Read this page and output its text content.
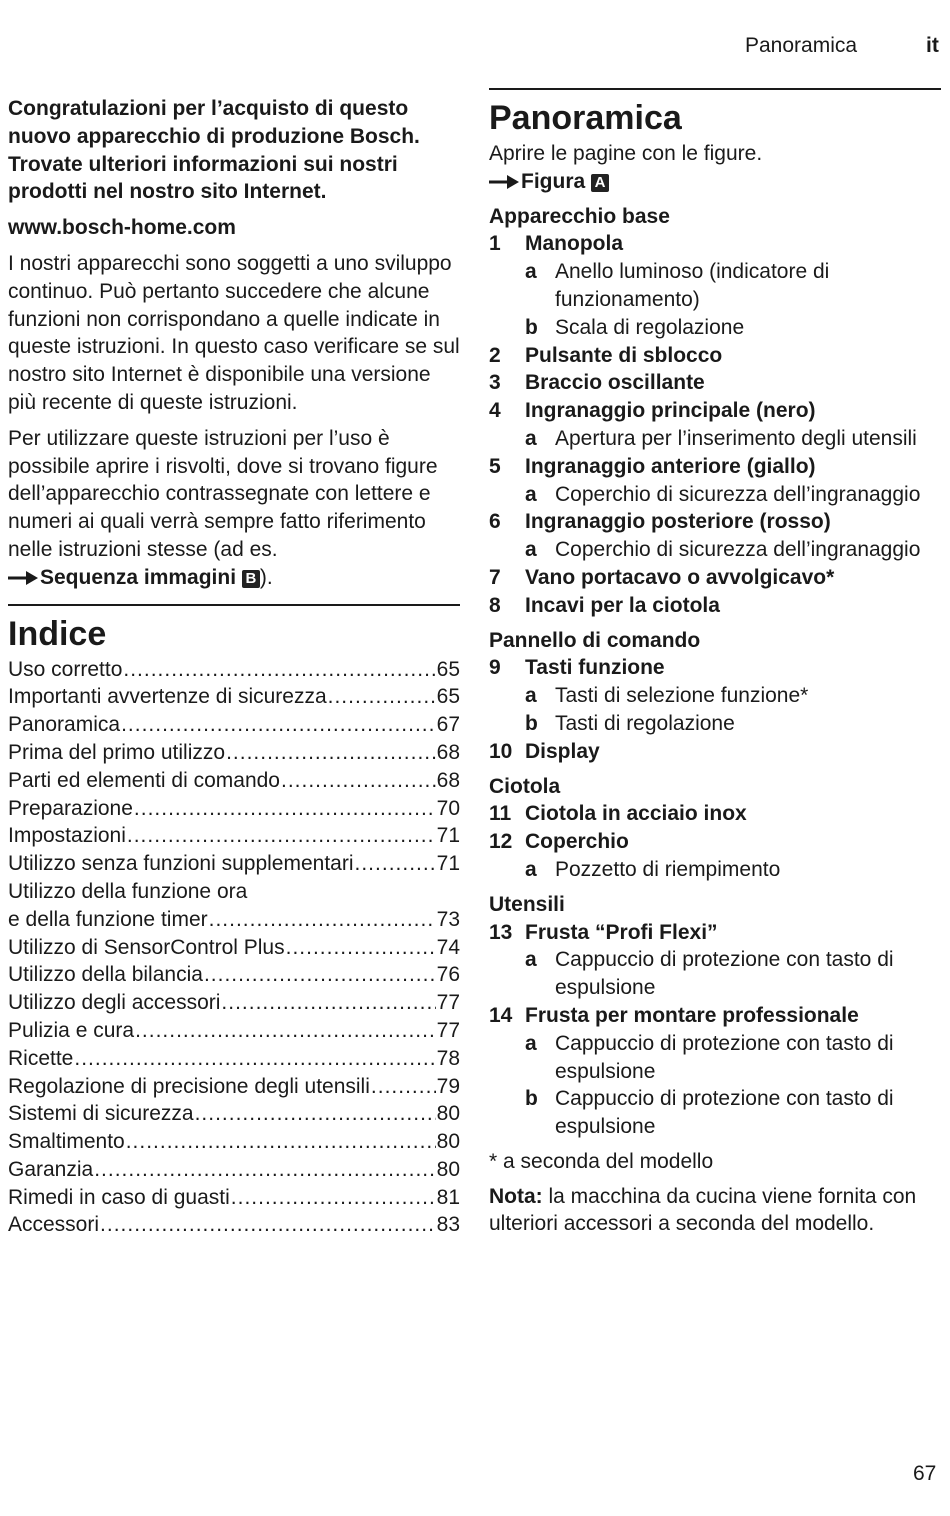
Panoramica	it

Congratulazioni per l’acquisto di questo nuovo apparecchio di produzione Bosch. Trovate ulteriori informazioni sui nostri prodotti nel nostro sito Internet.

www.bosch-home.com

I nostri apparecchi sono soggetti a uno sviluppo continuo. Può pertanto succedere che alcune funzioni non corrispondano a quelle indicate in queste istruzioni. In questo caso verificare se sul nostro sito Internet è disponibile una versione più recente di queste istruzioni.

Per utilizzare queste istruzioni per l’uso è possibile aprire i risvolti, dove si trovano figure dell’apparecchio contrassegnate con lettere e numeri ai quali verrà sempre fatto riferimento nelle istruzioni stesse (ad es.
Sequenza immagini B ).

Indice
Uso corretto .....	65
Importanti avvertenze di sicurezza .....	65
Panoramica .....	67
Prima del primo utilizzo .....	68
Parti ed elementi di comando .....	68
Preparazione .....	70
Impostazioni .....	71
Utilizzo senza funzioni supplementari .....	71
Utilizzo della funzione ora
e della funzione timer .....	73
Utilizzo di SensorControl Plus .....	74
Utilizzo della bilancia .....	76
Utilizzo degli accessori .....	77
Pulizia e cura .....	77
Ricette .....	78
Regolazione di precisione degli utensili .....	79
Sistemi di sicurezza .....	80
Smaltimento .....	80
Garanzia .....	80
Rimedi in caso di guasti .....	81
Accessori .....	83
Panoramica
Aprire le pagine con le figure.
Figura A
Apparecchio base
1	Manopola
a Anello luminoso (indicatore di funzionamento)
b Scala di regolazione
2	Pulsante di sblocco
3	Braccio oscillante
4	Ingranaggio principale (nero)
a Apertura per l’inserimento degli utensili
5	Ingranaggio anteriore (giallo)
a Coperchio di sicurezza dell’ingranaggio
6	Ingranaggio posteriore (rosso)
a Coperchio di sicurezza dell’ingranaggio
7	Vano portacavo o avvolgicavo*
8	Incavi per la ciotola
Pannello di comando
9	Tasti funzione
a Tasti di selezione funzione*
b Tasti di regolazione
10 Display
Ciotola
11 Ciotola in acciaio inox
12 Coperchio
a Pozzetto di riempimento
Utensili
13 Frusta “Profi Flexi”
a Cappuccio di protezione con tasto di espulsione
14 Frusta per montare professionale
a Cappuccio di protezione con tasto di espulsione
b Cappuccio di protezione con tasto di espulsione
* a seconda del modello
Nota: la macchina da cucina viene fornita con ulteriori accessori a seconda del modello.
67
